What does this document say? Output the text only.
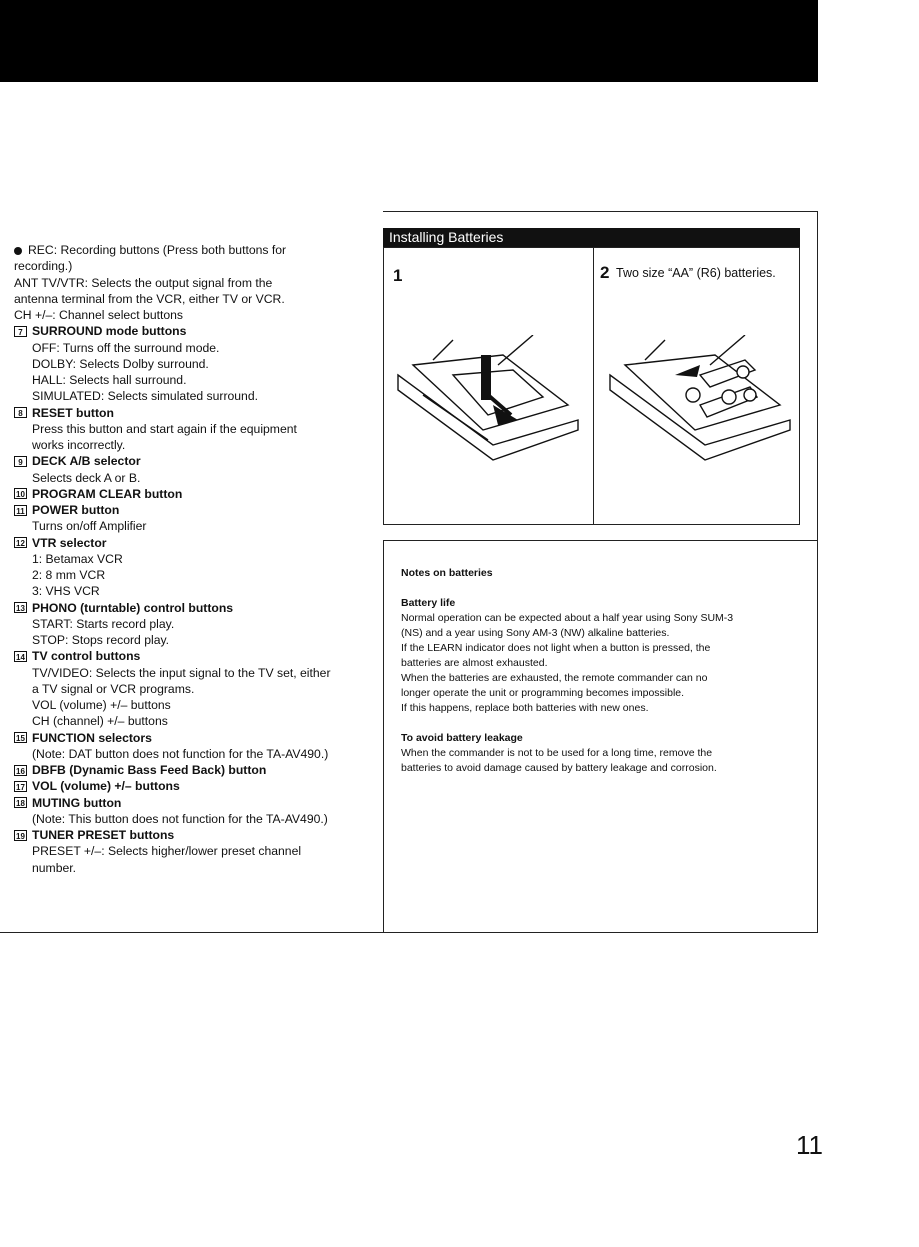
REC: Recording buttons (Press both buttons for
recording.)
ANT TV/VTR: Selects the output signal from the
antenna terminal from the VCR, either TV or VCR.
CH +/–: Channel select buttons
7 SURROUND mode buttons
OFF: Turns off the surround mode.
DOLBY: Selects Dolby surround.
HALL: Selects hall surround.
SIMULATED: Selects simulated surround.
8 RESET button
Press this button and start again if the equipment
works incorrectly.
9 DECK A/B selector
Selects deck A or B.
10 PROGRAM CLEAR button
11 POWER button
Turns on/off Amplifier
12 VTR selector
1: Betamax VCR
2: 8 mm VCR
3: VHS VCR
13 PHONO (turntable) control buttons
START: Starts record play.
STOP: Stops record play.
14 TV control buttons
TV/VIDEO: Selects the input signal to the TV set, either
a TV signal or VCR programs.
VOL (volume) +/– buttons
CH (channel) +/– buttons
15 FUNCTION selectors
(Note: DAT button does not function for the TA-AV490.)
16 DBFB (Dynamic Bass Feed Back) button
17 VOL (volume) +/– buttons
18 MUTING button
(Note: This button does not function for the TA-AV490.)
19 TUNER PRESET buttons
PRESET +/–: Selects higher/lower preset channel
number.
Installing Batteries
1	2 Two size “AA” (R6) batteries.
Notes on batteries
Battery life
Normal operation can be expected about a half year using Sony SUM-3
(NS) and a year using Sony AM-3 (NW) alkaline batteries.
If the LEARN indicator does not light when a button is pressed, the
batteries are almost exhausted.
When the batteries are exhausted, the remote commander can no
longer operate the unit or programming becomes impossible.
If this happens, replace both batteries with new ones.
To avoid battery leakage
When the commander is not to be used for a long time, remove the
batteries to avoid damage caused by battery leakage and corrosion.
11
